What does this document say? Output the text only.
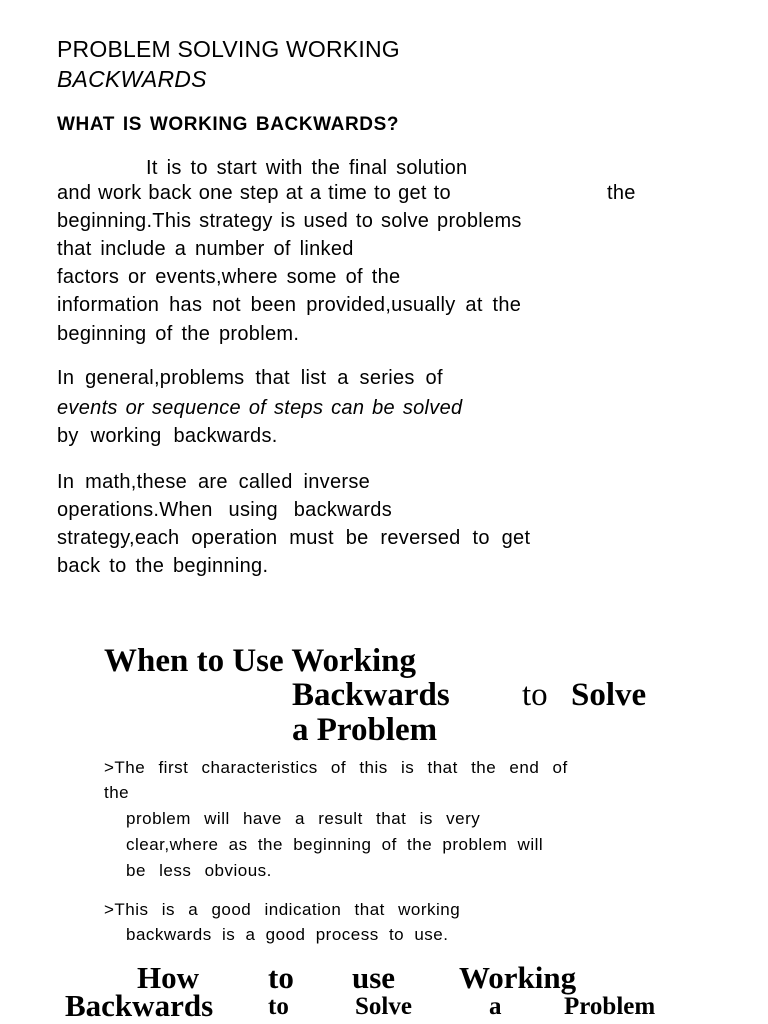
PROBLEM SOLVING WORKING
BACKWARDS
WHAT IS WORKING BACKWARDS?
It is to start with the final solution
and work back one step at a time to get to	the
beginning.This strategy is used to solve problems
that include a number of linked
factors or events,where some of the
information has not been provided,usually at the
beginning of the problem.
In general,problems that list a series of
events or sequence of steps can be solved
by working backwards.
In math,these are called inverse
operations.When using backwards
strategy,each operation must be reversed to get
back to the beginning.
When to Use Working
Backwards to Solve
a Problem
>The first characteristics of this is that the end of
the
problem will have a result that is very
clear,where as the beginning of the problem will
be less obvious.
>This is a good indication that working
backwards is a good process to use.
How to use Working
Backwards to	Solve	a	Problem
